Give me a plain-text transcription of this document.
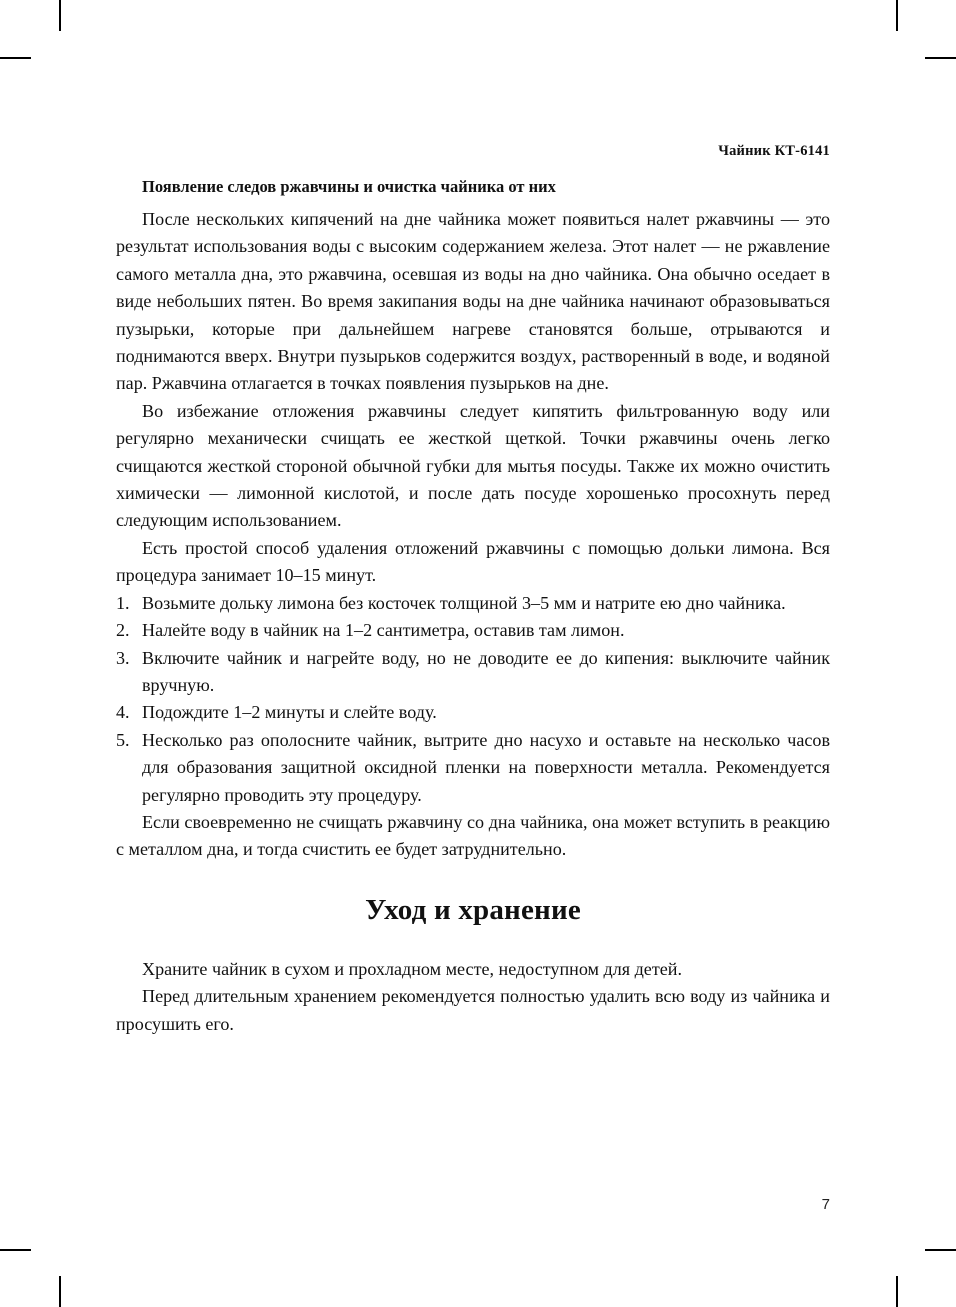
Чайник КТ-6141
Появление следов ржавчины и очистка чайника от них

После нескольких кипячений на дне чайника может появиться налет ржавчины — это результат использования воды с высоким содержанием железа. Этот налет — не ржавление самого металла дна, это ржавчина, осевшая из воды на дно чайника. Она обычно оседает в виде небольших пятен. Во время закипания воды на дне чайника начинают образовываться пузырьки, которые при дальнейшем нагреве становятся больше, отрываются и поднимаются вверх. Внутри пузырьков содержится воздух, растворенный в воде, и водяной пар. Ржавчина отлагается в точках появления пузырьков на дне.

Во избежание отложения ржавчины следует кипятить фильтрованную воду или регулярно механически счищать ее жесткой щеткой. Точки ржавчины очень легко счищаются жесткой стороной обычной губки для мытья посуды. Также их можно очистить химически — лимонной кислотой, и после дать посуде хорошенько просохнуть перед следующим использованием.

Есть простой способ удаления отложений ржавчины с помощью дольки лимона. Вся процедура занимает 10–15 минут.

Возьмите дольку лимона без косточек толщиной 3–5 мм и натрите ею дно чайника.
Налейте воду в чайник на 1–2 сантиметра, оставив там лимон.
Включите чайник и нагрейте воду, но не доводите ее до кипения: выключите чайник вручную.
Подождите 1–2 минуты и слейте воду.
Несколько раз ополосните чайник, вытрите дно насухо и оставьте на несколько часов для образования защитной оксидной пленки на поверхности металла. Рекомендуется регулярно проводить эту процедуру.

Если своевременно не счищать ржавчину со дна чайника, она может вступить в реакцию с металлом дна, и тогда счистить ее будет затруднительно.

Уход и хранение

Храните чайник в сухом и прохладном месте, недоступном для детей.

Перед длительным хранением рекомендуется полностью удалить всю воду из чайника и просушить его.

7
